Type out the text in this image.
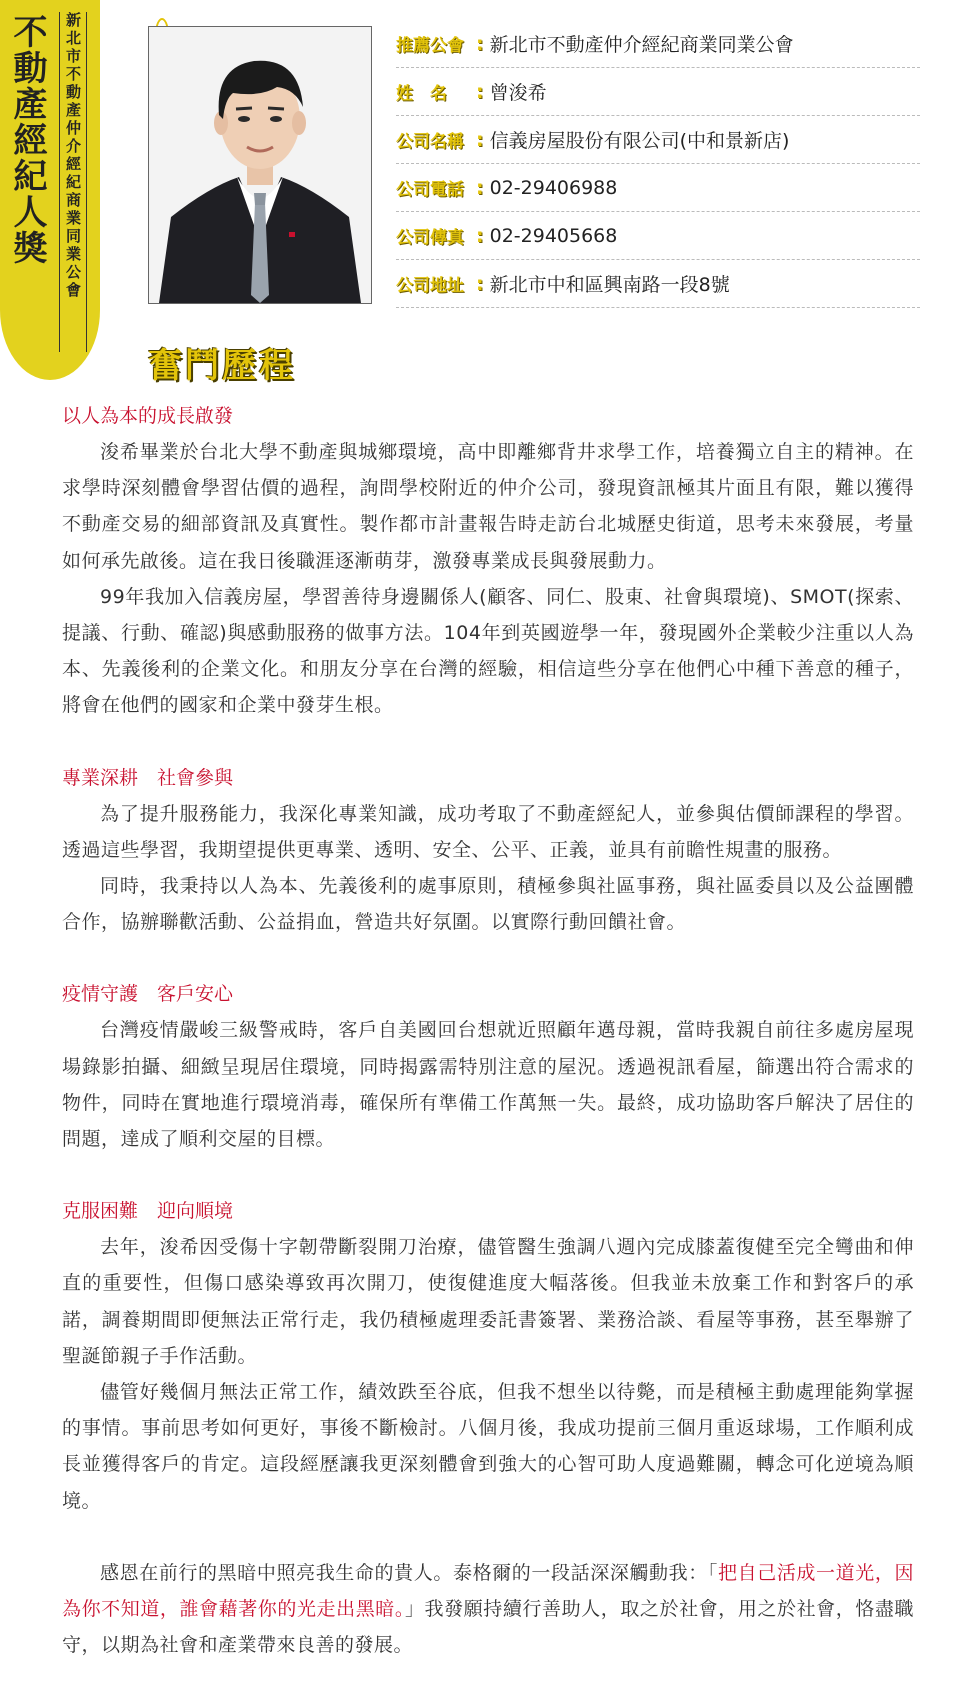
不動產經紀人獎	新北市不動產仲介經紀商業同業公會	推薦公會 : 新北市不動產仲介經紀商業同業公會
姓　名	: 曾浚希
公司名稱 : 信義房屋股份有限公司(中和景新店)
公司電話 : 02-29406988
公司傳真 : 02-29405668
公司地址 : 新北市中和區興南路一段8號
奮鬥歷程
以人為本的成長啟發

浚希畢業於台北大學不動產與城鄉環境，高中即離鄉背井求學工作，培養獨立自主的精神。在求學時深刻體會學習估價的過程，詢問學校附近的仲介公司，發現資訊極其片面且有限，難以獲得不動產交易的細部資訊及真實性。製作都市計畫報告時走訪台北城歷史街道，思考未來發展，考量如何承先啟後。這在我日後職涯逐漸萌芽，激發專業成長與發展動力。

99年我加入信義房屋，學習善待身邊關係人(顧客、同仁、股東、社會與環境)、SMOT(探索、提議、行動、確認)與感動服務的做事方法。104年到英國遊學一年，發現國外企業較少注重以人為本、先義後利的企業文化。和朋友分享在台灣的經驗，相信這些分享在他們心中種下善意的種子，將會在他們的國家和企業中發芽生根。

專業深耕　社會參與

為了提升服務能力，我深化專業知識，成功考取了不動產經紀人，並參與估價師課程的學習。透過這些學習，我期望提供更專業、透明、安全、公平、正義，並具有前瞻性規畫的服務。

同時，我秉持以人為本、先義後利的處事原則，積極參與社區事務，與社區委員以及公益團體合作，協辦聯歡活動、公益捐血，營造共好氛圍。以實際行動回饋社會。

疫情守護　客戶安心

台灣疫情嚴峻三級警戒時，客戶自美國回台想就近照顧年邁母親，當時我親自前往多處房屋現場錄影拍攝、細緻呈現居住環境，同時揭露需特別注意的屋況。透過視訊看屋，篩選出符合需求的物件，同時在實地進行環境消毒，確保所有準備工作萬無一失。最終，成功協助客戶解決了居住的問題，達成了順利交屋的目標。

克服困難　迎向順境

去年，浚希因受傷十字韌帶斷裂開刀治療，儘管醫生強調八週內完成膝蓋復健至完全彎曲和伸直的重要性，但傷口感染導致再次開刀，使復健進度大幅落後。但我並未放棄工作和對客戶的承諾，調養期間即便無法正常行走，我仍積極處理委託書簽署、業務洽談、看屋等事務，甚至舉辦了聖誕節親子手作活動。

儘管好幾個月無法正常工作，績效跌至谷底，但我不想坐以待斃，而是積極主動處理能夠掌握的事情。事前思考如何更好，事後不斷檢討。八個月後，我成功提前三個月重返球場，工作順利成長並獲得客戶的肯定。這段經歷讓我更深刻體會到強大的心智可助人度過難關，轉念可化逆境為順境。

感恩在前行的黑暗中照亮我生命的貴人。泰格爾的一段話深深觸動我：「把自己活成一道光，因為你不知道，誰會藉著你的光走出黑暗。」我發願持續行善助人，取之於社會，用之於社會，恪盡職守，以期為社會和產業帶來良善的發展。
